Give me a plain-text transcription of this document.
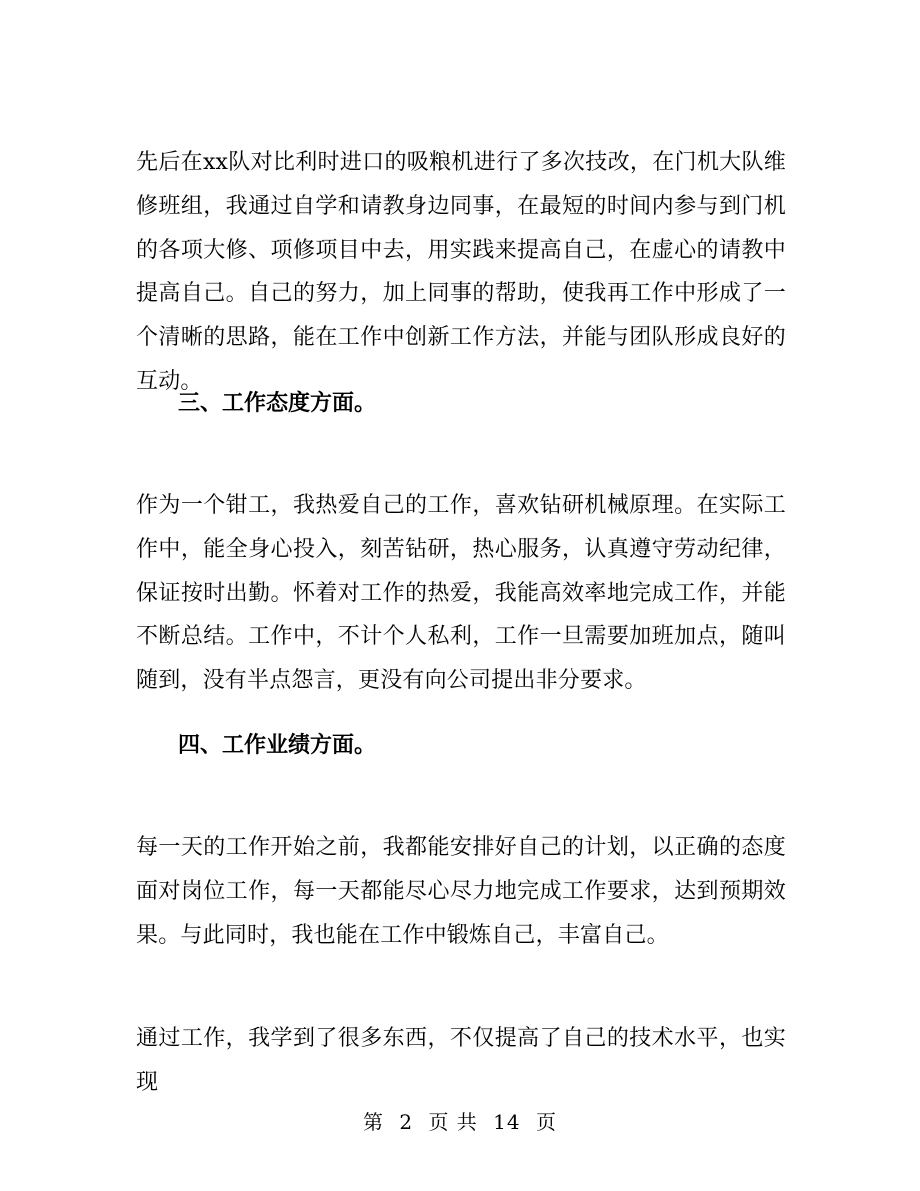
先后在xx队对比利时进口的吸粮机进行了多次技改，在门机大队维修班组，我通过自学和请教身边同事，在最短的时间内参与到门机的各项大修、项修项目中去，用实践来提高自己，在虚心的请教中提高自己。自己的努力，加上同事的帮助，使我再工作中形成了一个清晰的思路，能在工作中创新工作方法，并能与团队形成良好的互动。

三、工作态度方面。

作为一个钳工，我热爱自己的工作，喜欢钻研机械原理。在实际工作中，能全身心投入，刻苦钻研，热心服务，认真遵守劳动纪律，保证按时出勤。怀着对工作的热爱，我能高效率地完成工作，并能不断总结。工作中，不计个人私利，工作一旦需要加班加点，随叫随到，没有半点怨言，更没有向公司提出非分要求。

四、工作业绩方面。

每一天的工作开始之前，我都能安排好自己的计划，以正确的态度面对岗位工作，每一天都能尽心尽力地完成工作要求，达到预期效果。与此同时，我也能在工作中锻炼自己，丰富自己。

通过工作，我学到了很多东西，不仅提高了自己的技术水平，也实现

第 2 页 共 14 页
